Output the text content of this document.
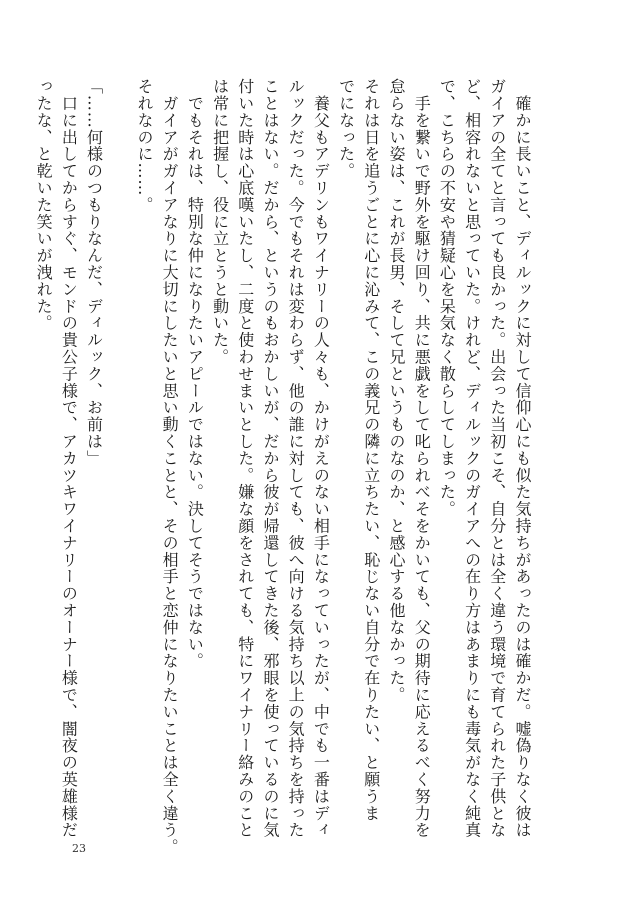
　確かに長いこと、ディルックに対して信仰心にも似た気持ちがあったのは確かだ。嘘偽りなく彼は
ガイアの全てと言っても良かった。出会った当初こそ、自分とは全く違う環境で育てられた子供とな
ど、相容れないと思っていた。けれど、ディルックのガイアへの在り方はあまりにも毒気がなく純真
で、こちらの不安や猜疑心を呆気なく散らしてしまった。
　手を繋いで野外を駆け回り、共に悪戯をして叱られべそをかいても、父の期待に応えるべく努力を
怠らない姿は、これが長男、そして兄というものなのか、と感心する他なかった。
それは日を追うごとに心に沁みて、この義兄の隣に立ちたい、恥じない自分で在りたい、と願うま
でになった。
　養父もアデリンもワイナリーの人々も、かけがえのない相手になっていったが、中でも一番はディ
ルックだった。今でもそれは変わらず、他の誰に対しても、彼へ向ける気持ち以上の気持ちを持った
ことはない。だから、というのもおかしいが、だから彼が帰還してきた後、邪眼を使っているのに気
付いた時は心底嘆いたし、二度と使わせまいとした。嫌な顔をされても、特にワイナリー絡みのこと
は常に把握し、役に立とうと動いた。
　でもそれは、特別な仲になりたいアピールではない。決してそうではない。
　ガイアがガイアなりに大切にしたいと思い動くことと、その相手と恋仲になりたいことは全く違う。
それなのに……。

「……何様のつもりなんだ、ディルック、お前は」
　口に出してからすぐ、モンドの貴公子様で、アカツキワイナリーのオーナー様で、闇夜の英雄様だ
ったな、と乾いた笑いが洩れた。
23
